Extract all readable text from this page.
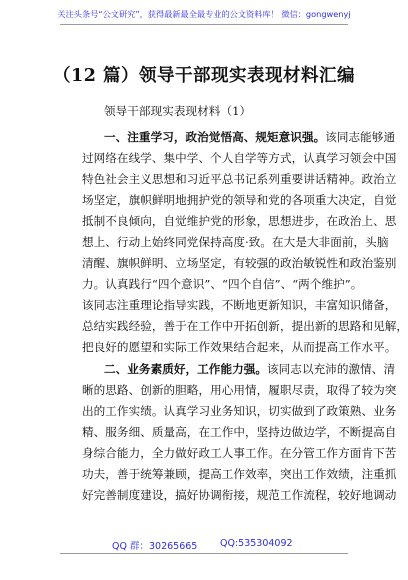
关注头条号“公文研究”，获得最新最全最专业的公文资料库！ 微信：gongwenyj
（12 篇）领导干部现实表现材料汇编
领导干部现实表现材料（1）
一、注重学习，政治觉悟高、规矩意识强。该同志能够通
过网络在线学、集中学、个人自学等方式，认真学习领会中国
特色社会主义思想和习近平总书记系列重要讲话精神。政治立
场坚定，旗帜鲜明地拥护党的领导和党的各项重大决定，自觉
抵制不良倾向，自觉维护党的形象，思想进步，在政治上、思
想上、行动上始终同党保持高度·致。在大是大非面前，头脑
清醒、旗帜鲜明、立场坚定，有较强的政治敏锐性和政治鉴别
力。认真践行“四个意识”、“四个自信”、“两个维护”。
该同志注重理论指导实践，不断地更新知识，丰富知识储备，
总结实践经验，善于在工作中开拓创新，提出新的思路和见解，
把良好的愿望和实际工作效果结合起来，从而提高工作水平。
二、业务素质好，工作能力强。该同志以充沛的激情、清
晰的思路、创新的胆略，用心用情，履职尽责，取得了较为突
出的工作实绩。认真学习业务知识，切实做到了政策熟、业务
精、服务细、质量高，在工作中，坚持边做边学，不断提高自
身综合能力，全力做好政工人事工作。在分管工作方面肯下苦
功夫，善于统筹兼顾，提高工作效率，突出工作效绩，注重抓
好完善制度建设，搞好协调衔接，规范工作流程，较好地调动
QQ 群：30265665 QQ:535304092
